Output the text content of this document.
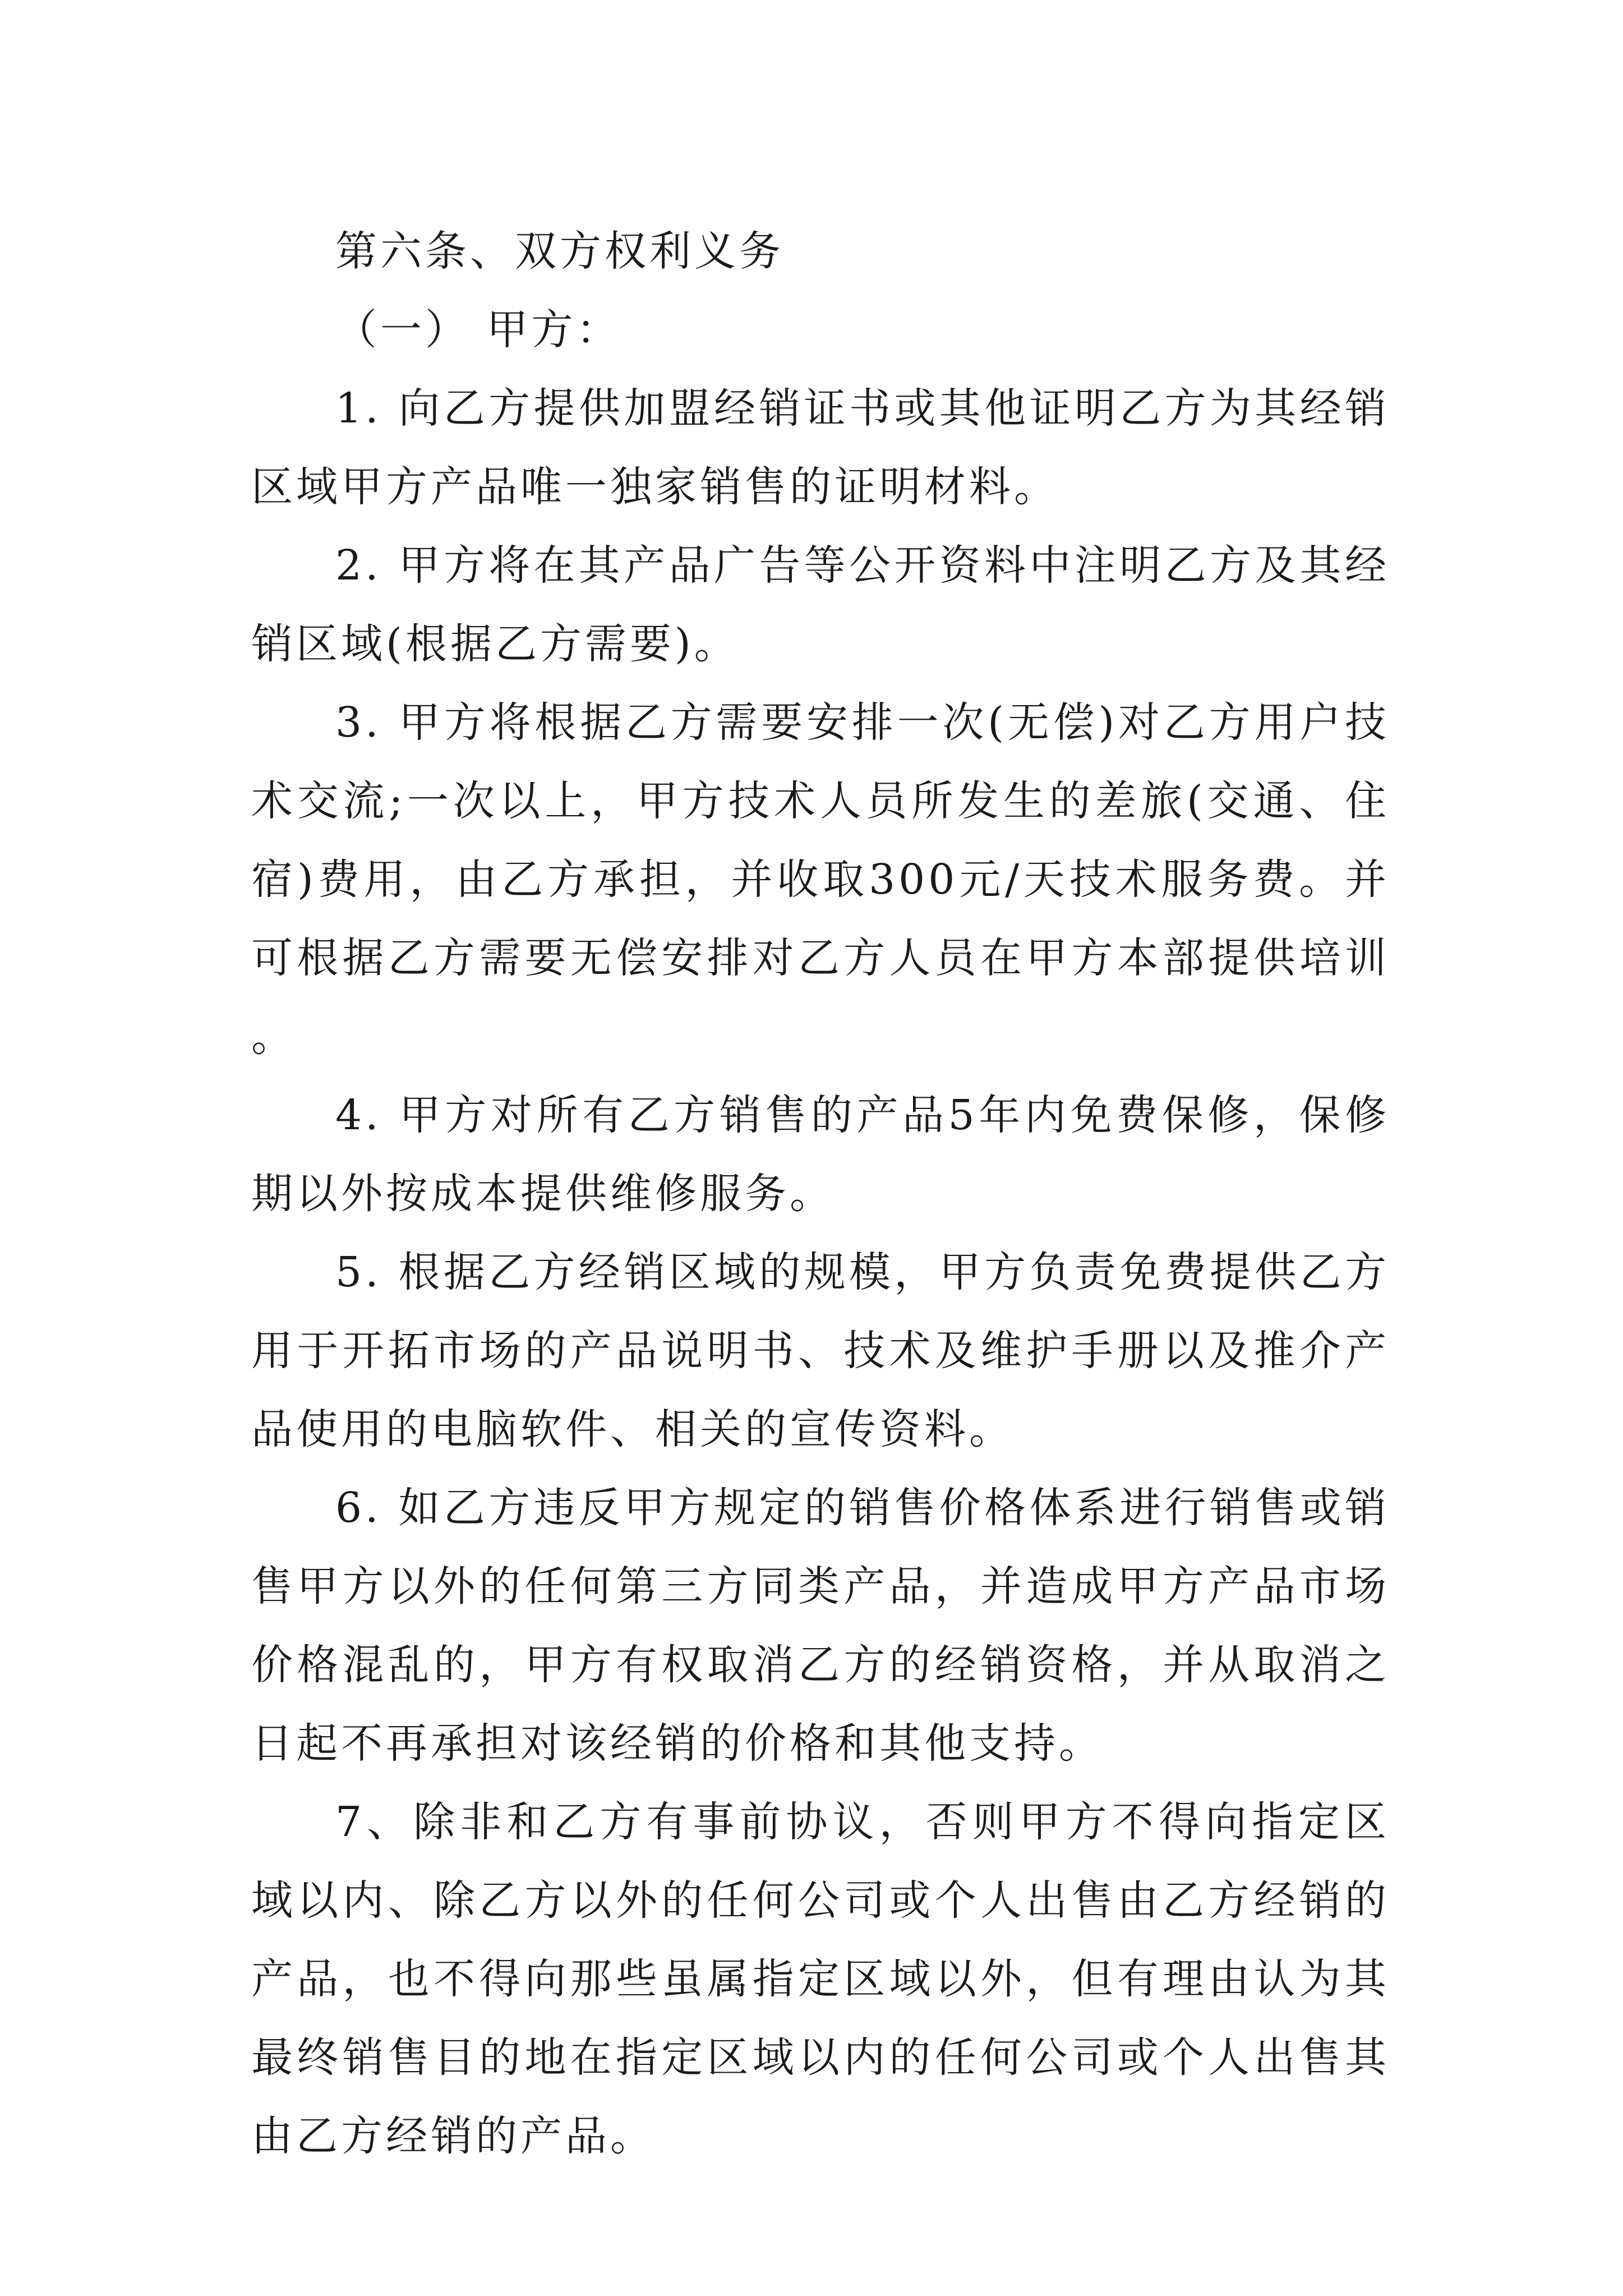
第六条、双方权利义务

（一） 甲方：

1. 向乙方提供加盟经销证书或其他证明乙方为其经销区域甲方产品唯一独家销售的证明材料。

2. 甲方将在其产品广告等公开资料中注明乙方及其经销区域(根据乙方需要)。

3. 甲方将根据乙方需要安排一次(无偿)对乙方用户技术交流;一次以上，甲方技术人员所发生的差旅(交通、住宿)费用，由乙方承担，并收取300元/天技术服务费。并可根据乙方需要无偿安排对乙方人员在甲方本部提供培训。

4. 甲方对所有乙方销售的产品5年内免费保修，保修期以外按成本提供维修服务。

5. 根据乙方经销区域的规模，甲方负责免费提供乙方用于开拓市场的产品说明书、技术及维护手册以及推介产品使用的电脑软件、相关的宣传资料。

6. 如乙方违反甲方规定的销售价格体系进行销售或销售甲方以外的任何第三方同类产品，并造成甲方产品市场价格混乱的，甲方有权取消乙方的经销资格，并从取消之日起不再承担对该经销的价格和其他支持。

7、除非和乙方有事前协议，否则甲方不得向指定区域以内、除乙方以外的任何公司或个人出售由乙方经销的产品，也不得向那些虽属指定区域以外，但有理由认为其最终销售目的地在指定区域以内的任何公司或个人出售其由乙方经销的产品。
